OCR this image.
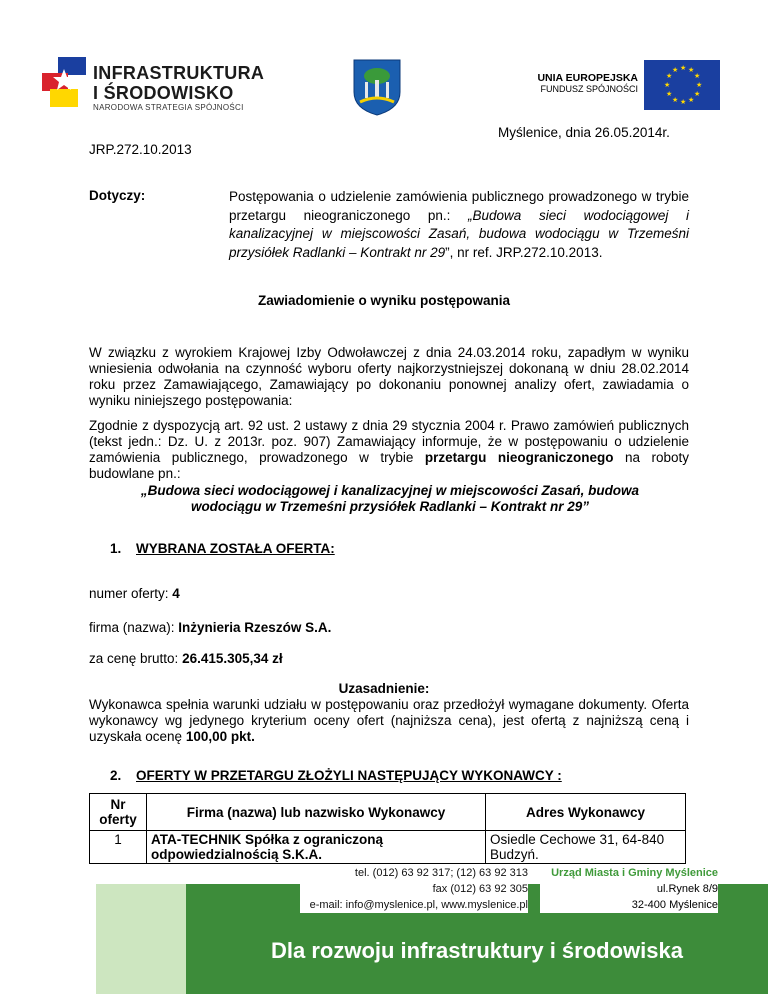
INFRASTRUKTURA
I ŚRODOWISKO
NARODOWA STRATEGIA SPÓJNOŚCI
UNIA EUROPEJSKA
FUNDUSZ SPÓJNOŚCI
★ ★
★
★
★
★
★
★
★
★
★
★
Myślenice, dnia 26.05.2014r.
JRP.272.10.2013
Dotyczy:	Postępowania o udzielenie zamówienia publicznego prowadzonego w trybie przetargu nieograniczonego pn.: „Budowa sieci wodociągowej i kanalizacyjnej w miejscowości Zasań, budowa wodociągu w Trzemeśni przysiółek Radlanki – Kontrakt nr 29”, nr ref. JRP.272.10.2013.
Zawiadomienie o wyniku postępowania
W związku z wyrokiem Krajowej Izby Odwoławczej z dnia 24.03.2014 roku, zapadłym w wyniku wniesienia odwołania na czynność wyboru oferty najkorzystniejszej dokonaną w dniu 28.02.2014 roku przez Zamawiającego, Zamawiający po dokonaniu ponownej analizy ofert, zawiadamia o wyniku niniejszego postępowania:
Zgodnie z dyspozycją art. 92 ust. 2 ustawy z dnia 29 stycznia 2004 r. Prawo zamówień publicznych (tekst jedn.: Dz. U. z 2013r. poz. 907) Zamawiający informuje, że w postępowaniu o udzielenie zamówienia publicznego, prowadzonego w trybie przetargu nieograniczonego na roboty budowlane pn.:
„Budowa sieci wodociągowej i kanalizacyjnej w miejscowości Zasań, budowa wodociągu w Trzemeśni przysiółek Radlanki – Kontrakt nr 29”
1. WYBRANA ZOSTAŁA OFERTA:
numer oferty: 4
firma (nazwa): Inżynieria Rzeszów S.A.
za cenę brutto: 26.415.305,34 zł
Uzasadnienie:
Wykonawca spełnia warunki udziału w postępowaniu oraz przedłożył wymagane dokumenty. Oferta wykonawcy wg jedynego kryterium oceny ofert (najniższa cena), jest ofertą z najniższą ceną i uzyskała ocenę 100,00 pkt.
2. OFERTY W PRZETARGU ZŁOŻYLI NASTĘPUJĄCY WYKONAWCY :
Nr oferty	Firma (nazwa) lub nazwisko Wykonawcy	Adres Wykonawcy
1	ATA-TECHNIK Spółka z ograniczoną odpowiedzialnością S.K.A.	Osiedle Cechowe 31, 64-840 Budzyń.
tel. (012) 63 92 317; (12) 63 92 313
fax (012) 63 92 305
e-mail: info@myslenice.pl, www.myslenice.pl
Urząd Miasta i Gminy Myślenice
ul.Rynek 8/9
32-400 Myślenice
Dla rozwoju infrastruktury i środowiska
